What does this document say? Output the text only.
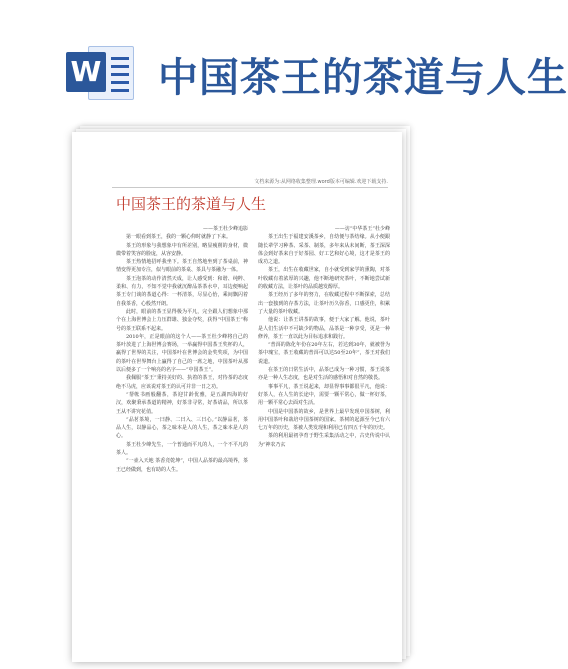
W 中国茶王的茶道与人生
文档来源为:从网络收集整理.word版本可编辑.欢迎下载支持.
中国茶王的茶道与人生

——茶王杜少峰追影

第一眼看到茶王，我的一颗心仰时就静了下来。

茶王的形象与我想象中有所差别，略显瘦削的身材，微微带着笑容的脸庞，从容安静。

茶王热情地招呼我坐下。茶王自然地坐到了茶桌前，神情变得更加专注，似与眼前的茶桌、茶具与茶融为一体。

茶王泡茶的动作清然天成，让人感受到：和谐、纯粹、柔和、有力，不知不觉中我就沉醉品茶茶水中，耳边便响起茶王专门谈的茶道心得：一杯清茶，尽显心怡，乘间飘闪着自我茶香，心般然开朗。

此时，眼前的茶王显得极为平凡，完全跟人们想象中那个在上海世博会上力压群雄、独金夺奖，获得“中国茶王”称号的茶王联系不起来。

2010年，正是眼前的这个人——茶王杜少峰将自己的茶叶放进了上海世博会赛场，一举赢得中国茶王奖杯的人，赢得了世界的关注，中国茶叶在世博会的金奖奖项，为中国的茶叶在世界舞台上赢得了自己的一席之地，中国茶叶从那以后便多了一个响亮的名字——“中国茶王”。

我佩服“茶王”秉持美好的、执着的茶王，对待茶的态度绝不马虎，应该说对茶王的认可并非一日之功。

“帮帐书画般翻茶，茶迎甘龄优雅，是五湖四海的好汉，欢聚秉承茶道的精神，好茶非寻常，好茶请品，所以茶王从不讲究花俏。

“品茗茶境，一曰静、二曰入、三曰心。”以静品茗，茶品人生，以静品心，茶之味本是人的人生，茶之味本是人的心。

茶王杜少峰先生，一个普通而平凡的人，一个不平凡的茶人。

“一壶入天地 茶香竞乾坤”，中国人品茶的最高境界，茶王已经做到，也有助的人生。

——访“中华茶王”杜少峰

茶王出生于福建安溪茶乡，自幼便与茶结缘。从小便跟随长辈学习种茶、采茶、制茶，多年来从未间断，茶王深深体会到好茶来自于好茶园、好工艺和好心境，这才是茶王的成功之道。

茶王，出生在收藏世家，自小就受到家学的熏陶，对茶叶收藏有着浓厚的兴趣，他不断地研究茶叶，不断地尝试新的收藏方法，让茶叶的品质越发醇厚。

茶王经历了多年的努力，在收藏过程中不断探索，总结出一套独到的存茶方法，让茶叶历久弥香，口感更佳，积累了大量的茶叶收藏。

他说：让茶王讲茶的故事，便于大家了解。他说，茶叶是人们生活中不可缺少的物品，品茶是一种享受，更是一种修养，茶王一直以此为目标追求和践行。

“普洱的陈化年份在20年左右，若达到30年，就被誉为茶中瑰宝，茶王收藏的普洱可以达50至20年”，茶王对我们说道。

在茶王的日常生活中，品茶已成为一种习惯，茶王说茶亦是一种人生态度，也是对生活的感悟和对自然的敬畏。

事事平凡，茶王说起来，却显得事事都很平凡，他说：好茶人，在人生的长途中，需要一颗平常心，做一杯好茶，用一颗平常心去面对生活。

中国是中国茶的故乡，是世界上最早发现中国茶树，利用中国茶叶和栽培中国茶树的国家。茶树的起源至今已有六七万年的历史，茶被人类发现和利用已有四五千年的历史。

茶的利用最初孕育于野生采集活动之中，古史传说中认为“神农乃玄
